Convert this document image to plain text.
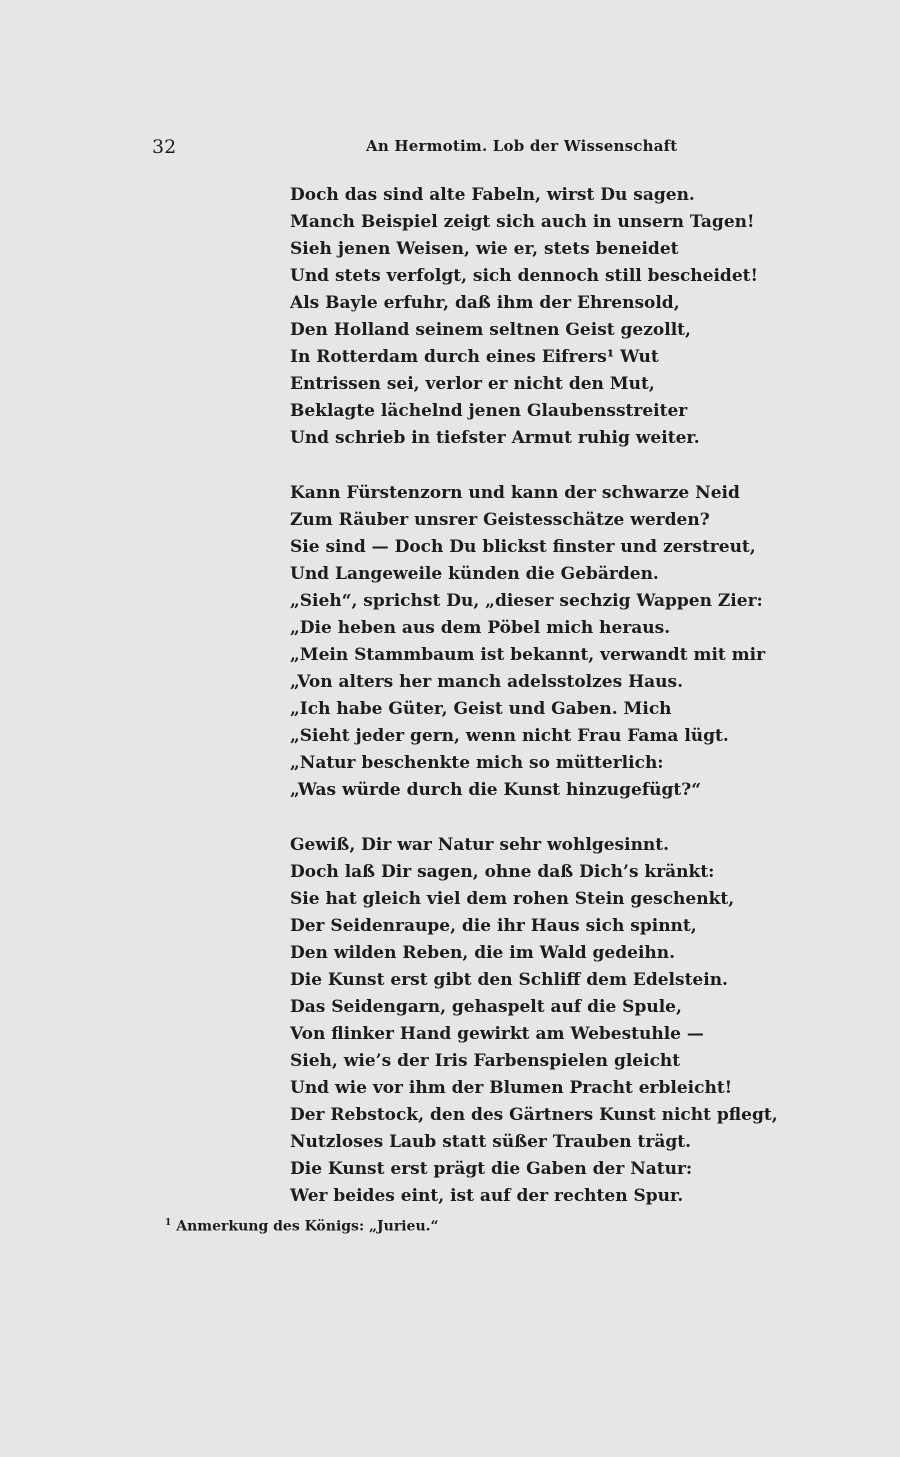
32	An Hermotim. Lob der Wissenschaft
Doch das sind alte Fabeln, wirst Du sagen.
Manch Beispiel zeigt sich auch in unsern Tagen!
Sieh jenen Weisen, wie er, stets beneidet
Und stets verfolgt, sich dennoch still bescheidet!
Als Bayle erfuhr, daß ihm der Ehrensold,
Den Holland seinem seltnen Geist gezollt,
In Rotterdam durch eines Eifrers¹ Wut
Entrissen sei, verlor er nicht den Mut,
Beklagte lächelnd jenen Glaubensstreiter
Und schrieb in tiefster Armut ruhig weiter.
Kann Fürstenzorn und kann der schwarze Neid
Zum Räuber unsrer Geistesschätze werden?
Sie sind — Doch Du blickst finster und zerstreut,
Und Langeweile künden die Gebärden.
„Sieh“, sprichst Du, „dieser sechzig Wappen Zier:
„Die heben aus dem Pöbel mich heraus.
„Mein Stammbaum ist bekannt, verwandt mit mir
„Von alters her manch adelsstolzes Haus.
„Ich habe Güter, Geist und Gaben. Mich
„Sieht jeder gern, wenn nicht Frau Fama lügt.
„Natur beschenkte mich so mütterlich:
„Was würde durch die Kunst hinzugefügt?“
Gewiß, Dir war Natur sehr wohlgesinnt.
Doch laß Dir sagen, ohne daß Dich’s kränkt:
Sie hat gleich viel dem rohen Stein geschenkt,
Der Seidenraupe, die ihr Haus sich spinnt,
Den wilden Reben, die im Wald gedeihn.
Die Kunst erst gibt den Schliff dem Edelstein.
Das Seidengarn, gehaspelt auf die Spule,
Von flinker Hand gewirkt am Webestuhle —
Sieh, wie’s der Iris Farbenspielen gleicht
Und wie vor ihm der Blumen Pracht erbleicht!
Der Rebstock, den des Gärtners Kunst nicht pflegt,
Nutzloses Laub statt süßer Trauben trägt.
Die Kunst erst prägt die Gaben der Natur:
Wer beides eint, ist auf der rechten Spur.
$^1$ Anmerkung des Königs: „Jurieu.“
